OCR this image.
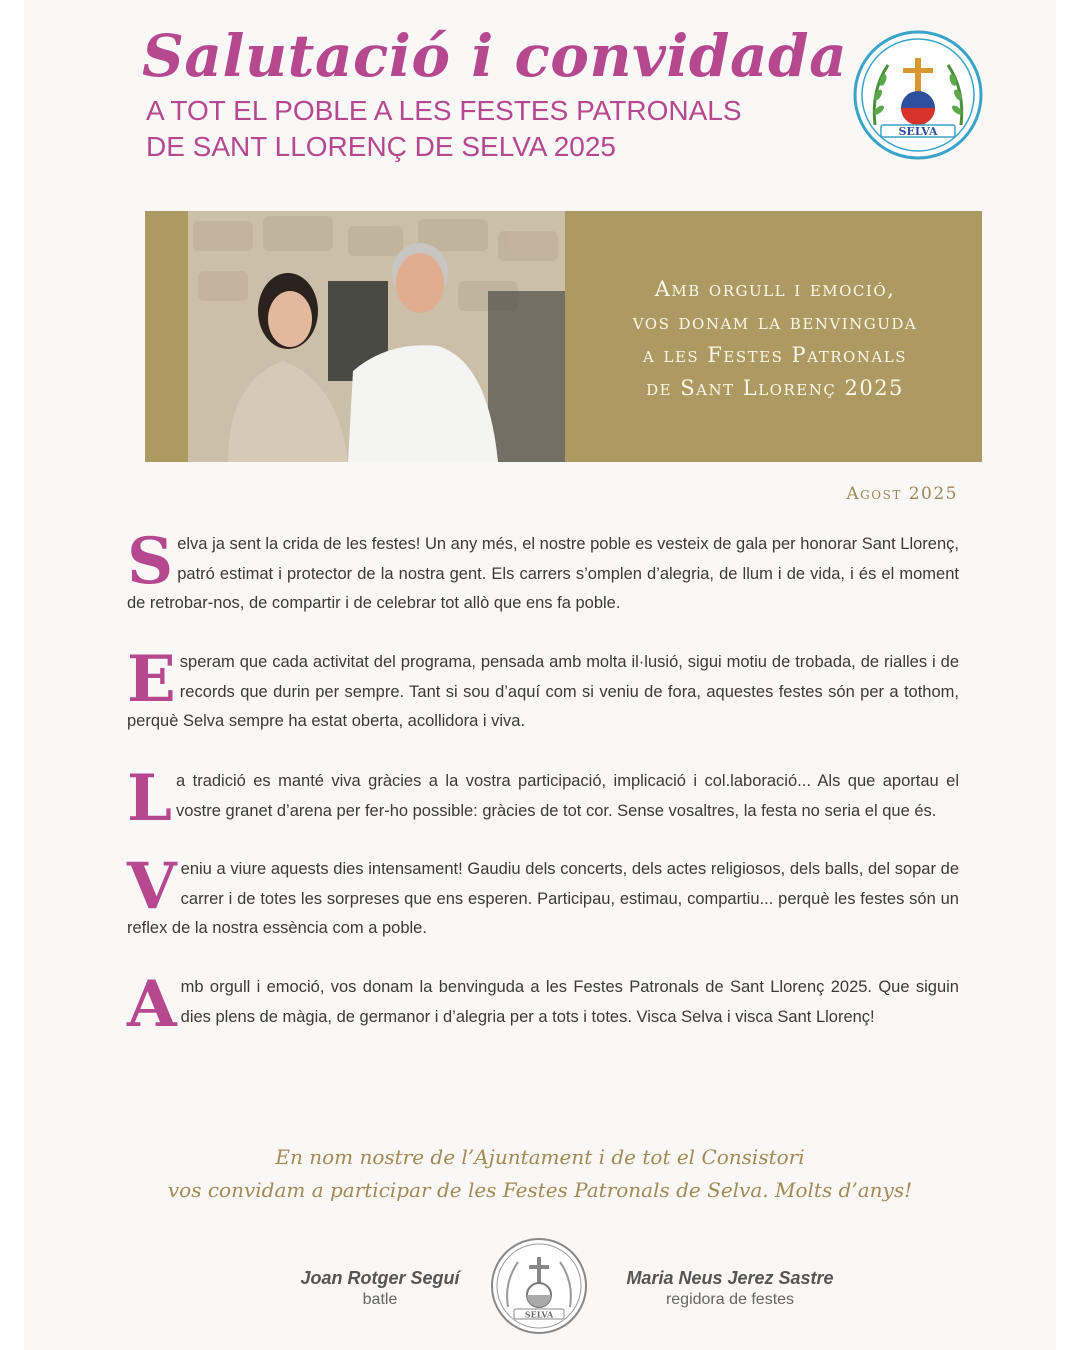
Salutació i convidada
A TOT EL POBLE A LES FESTES PATRONALS
DE SANT LLORENÇ DE SELVA 2025	SELVA
Amb orgull i emoció,
vos donam la benvinguda
a les Festes Patronals
de Sant Llorenç 2025
Agost 2025
S elva ja sent la crida de les festes! Un any més, el nostre poble es vesteix de gala per honorar Sant Llorenç, patró estimat i protector de la nostra gent. Els carrers s’omplen d’alegria, de llum i de vida, i és el moment de retrobar-nos, de compartir i de celebrar tot allò que ens fa poble.
E speram que cada activitat del programa, pensada amb molta il·lusió, sigui motiu de trobada, de rialles i de records que durin per sempre. Tant si sou d’aquí com si veniu de fora, aquestes festes són per a tothom, perquè Selva sempre ha estat oberta, acollidora i viva.
L a tradició es manté viva gràcies a la vostra participació, implicació i col.laboració... Als que aportau el vostre granet d’arena per fer-ho possible: gràcies de tot cor. Sense vosaltres, la festa no seria el que és.
V eniu a viure aquests dies intensament! Gaudiu dels concerts, dels actes religiosos, dels balls, del sopar de carrer i de totes les sorpreses que ens esperen. Participau, estimau, compartiu... perquè les festes són un reflex de la nostra essència com a poble.
A mb orgull i emoció, vos donam la benvinguda a les Festes Patronals de Sant Llorenç 2025. Que siguin dies plens de màgia, de germanor i d’alegria per a tots i totes. Visca Selva i visca Sant Llorenç!
En nom nostre de l’Ajuntament i de tot el Consistori
vos convidam a participar de les Festes Patronals de Selva. Molts d’anys!
Joan Rotger Seguí
batle
SELVA
Maria Neus Jerez Sastre
regidora de festes
